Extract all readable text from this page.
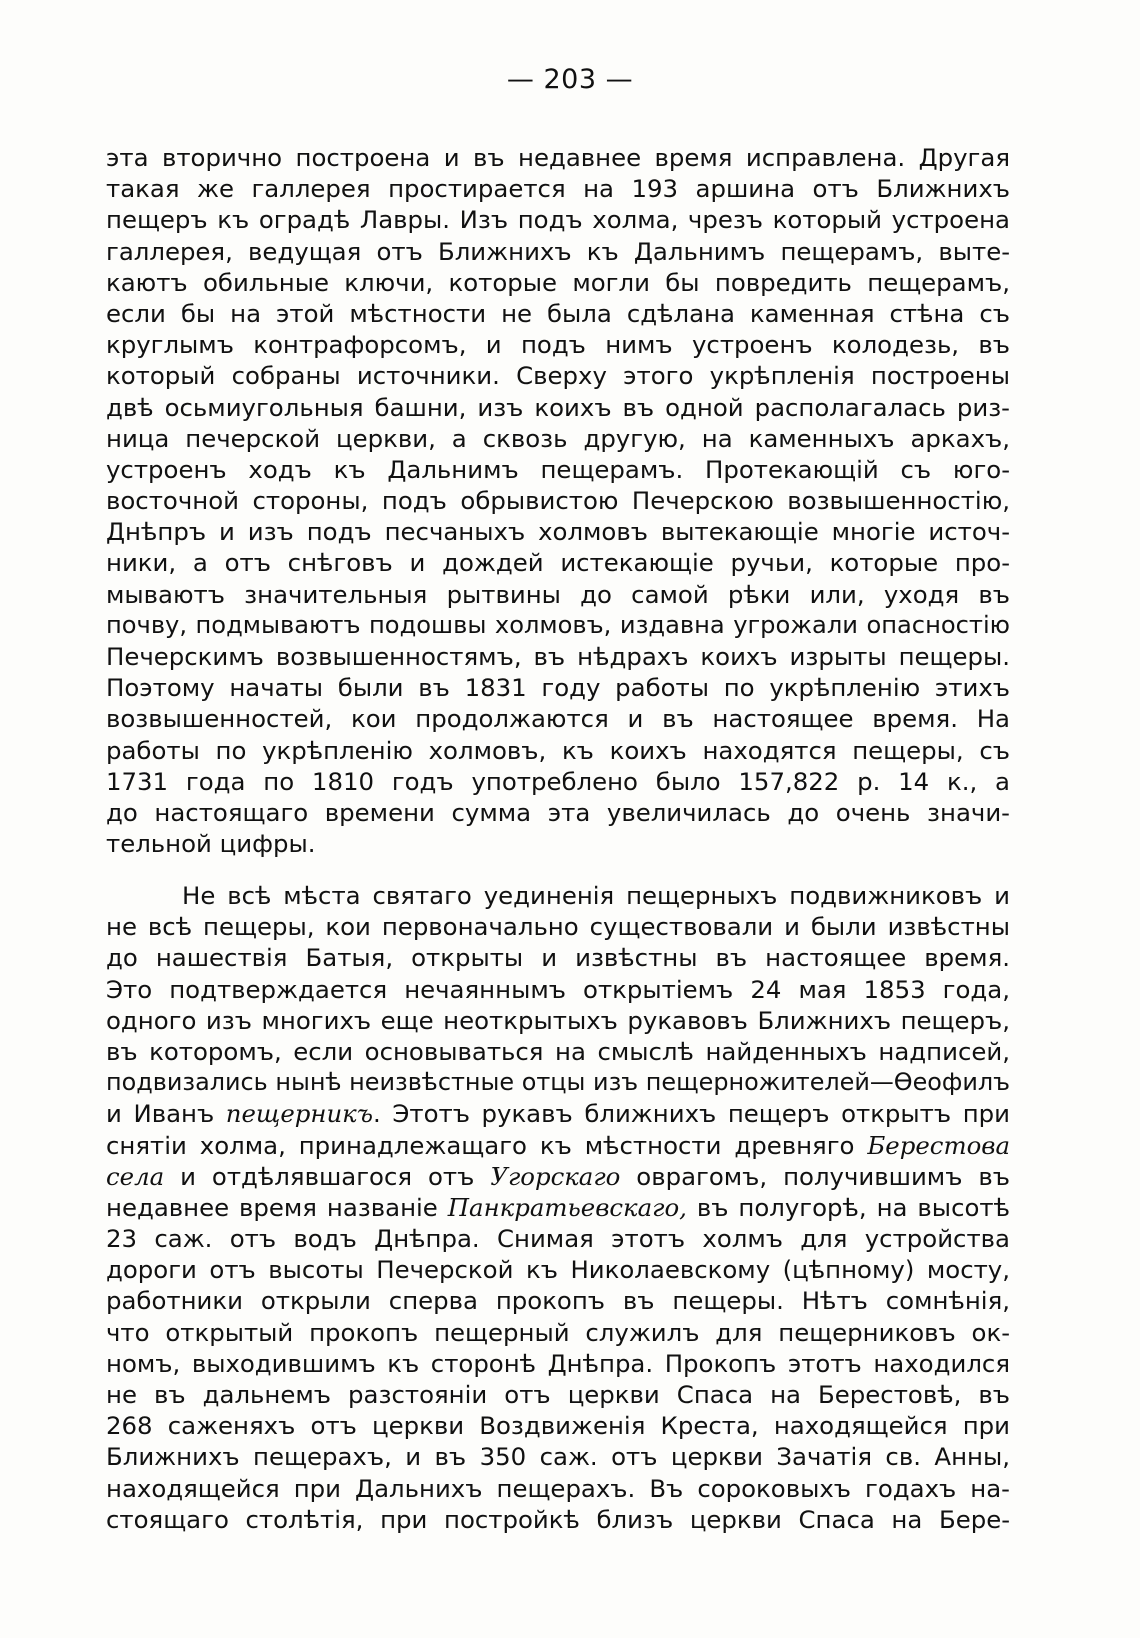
— 203 —
эта вторично построена и въ недавнее время исправлена. Другая
такая же галлерея простирается на 193 аршина отъ Ближнихъ
пещеръ къ оградѣ Лавры. Изъ подъ холма, чрезъ который устроена
галлерея, ведущая отъ Ближнихъ къ Дальнимъ пещерамъ, выте-
каютъ обильные ключи, которые могли бы повредить пещерамъ,
если бы на этой мѣстности не была сдѣлана каменная стѣна съ
круглымъ контрафорсомъ, и подъ нимъ устроенъ колодезь, въ
который собраны источники. Сверху этого укрѣпленія построены
двѣ осьмиугольныя башни, изъ коихъ въ одной располагалась риз-
ница печерской церкви, а сквозь другую, на каменныхъ аркахъ,
устроенъ ходъ къ Дальнимъ пещерамъ. Протекающій съ юго-
восточной стороны, подъ обрывистою Печерскою возвышенностію,
Днѣпръ и изъ подъ песчаныхъ холмовъ вытекающіе многіе источ-
ники, а отъ снѣговъ и дождей истекающіе ручьи, которые про-
мываютъ значительныя рытвины до самой рѣки или, уходя въ
почву, подмываютъ подошвы холмовъ, издавна угрожали опасностію
Печерскимъ возвышенностямъ, въ нѣдрахъ коихъ изрыты пещеры.
Поэтому начаты были въ 1831 году работы по укрѣпленію этихъ
возвышенностей, кои продолжаются и въ настоящее время. На
работы по укрѣпленію холмовъ, къ коихъ находятся пещеры, съ
1731 года по 1810 годъ употреблено было 157,822 р. 14 к., а
до настоящаго времени сумма эта увеличилась до очень значи-
тельной цифры.
Не всѣ мѣста святаго уединенія пещерныхъ подвижниковъ и
не всѣ пещеры, кои первоначально существовали и были извѣстны
до нашествія Батыя, открыты и извѣстны въ настоящее время.
Это подтверждается нечаяннымъ открытіемъ 24 мая 1853 года,
одного изъ многихъ еще неоткрытыхъ рукавовъ Ближнихъ пещеръ,
въ которомъ, если основываться на смыслѣ найденныхъ надписей,
подвизались нынѣ неизвѣстные отцы изъ пещерножителей—Ѳеофилъ
и Иванъ пещерникъ. Этотъ рукавъ ближнихъ пещеръ открытъ при
снятіи холма, принадлежащаго къ мѣстности древняго Берестова
села и отдѣлявшагося отъ Угорскаго оврагомъ, получившимъ въ
недавнее время названіе Панкратьевскаго, въ полугорѣ, на высотѣ
23 саж. отъ водъ Днѣпра. Снимая этотъ холмъ для устройства
дороги отъ высоты Печерской къ Николаевскому (цѣпному) мосту,
работники открыли сперва прокопъ въ пещеры. Нѣтъ сомнѣнія,
что открытый прокопъ пещерный служилъ для пещерниковъ ок-
номъ, выходившимъ къ сторонѣ Днѣпра. Прокопъ этотъ находился
не въ дальнемъ разстояніи отъ церкви Спаса на Берестовѣ, въ
268 саженяхъ отъ церкви Воздвиженія Креста, находящейся при
Ближнихъ пещерахъ, и въ 350 саж. отъ церкви Зачатія св. Анны,
находящейся при Дальнихъ пещерахъ. Въ сороковыхъ годахъ на-
стоящаго столѣтія, при постройкѣ близъ церкви Спаса на Бере-
